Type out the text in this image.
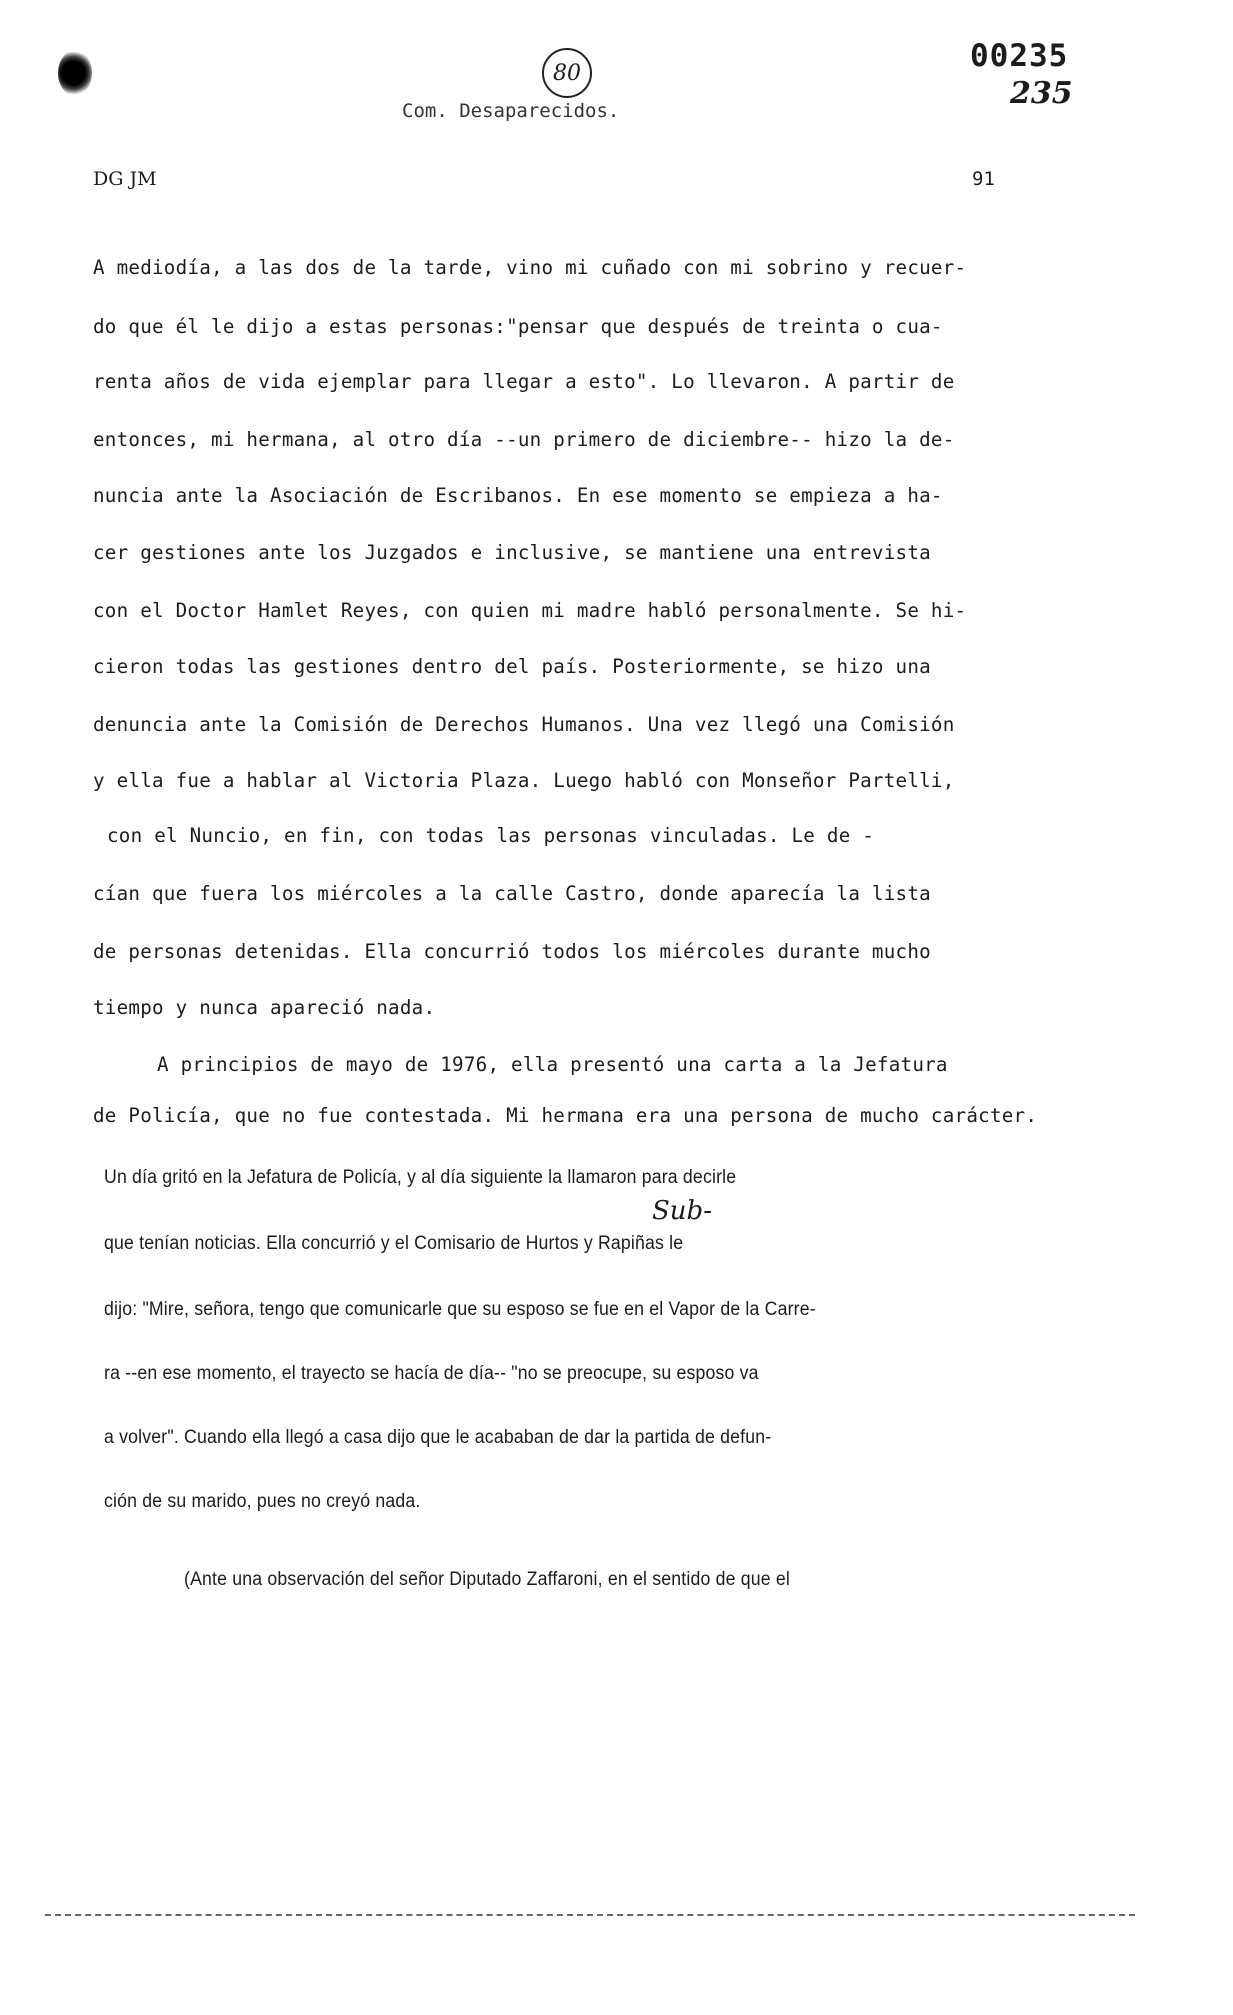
80
Com. Desaparecidos.
00235
235
DG JM	91
A mediodía, a las dos de la tarde, vino mi cuñado con mi sobrino y recuer-
do que él le dijo a estas personas:"pensar que después de treinta o cua-
renta años de vida ejemplar para llegar a esto". Lo llevaron. A partir de
entonces, mi hermana, al otro día --un primero de diciembre-- hizo la de-
nuncia ante la Asociación de Escribanos. En ese momento se empieza a ha-
cer gestiones ante los Juzgados e inclusive, se mantiene una entrevista
con el Doctor Hamlet Reyes, con quien mi madre habló personalmente. Se hi-
cieron todas las gestiones dentro del país. Posteriormente, se hizo una
denuncia ante la Comisión de Derechos Humanos. Una vez llegó una Comisión
y ella fue a hablar al Victoria Plaza. Luego habló con Monseñor Partelli,
con el Nuncio, en fin, con todas las personas vinculadas. Le de -
cían que fuera los miércoles a la calle Castro, donde aparecía la lista
de personas detenidas. Ella concurrió todos los miércoles durante mucho
tiempo y nunca apareció nada.
A principios de mayo de 1976, ella presentó una carta a la Jefatura
de Policía, que no fue contestada. Mi hermana era una persona de mucho carácter.
Un día gritó en la Jefatura de Policía, y al día siguiente la llamaron para decirle
que tenían noticias. Ella concurrió y el Comisario de Hurtos y Rapiñas le
dijo: "Mire, señora, tengo que comunicarle que su esposo se fue en el Vapor de la Carre-
ra --en ese momento, el trayecto se hacía de día-- "no se preocupe, su esposo va
a volver". Cuando ella llegó a casa dijo que le acababan de dar la partida de defun-
ción de su marido, pues no creyó nada.
(Ante una observación del señor Diputado Zaffaroni, en el sentido de que el
Sub-
